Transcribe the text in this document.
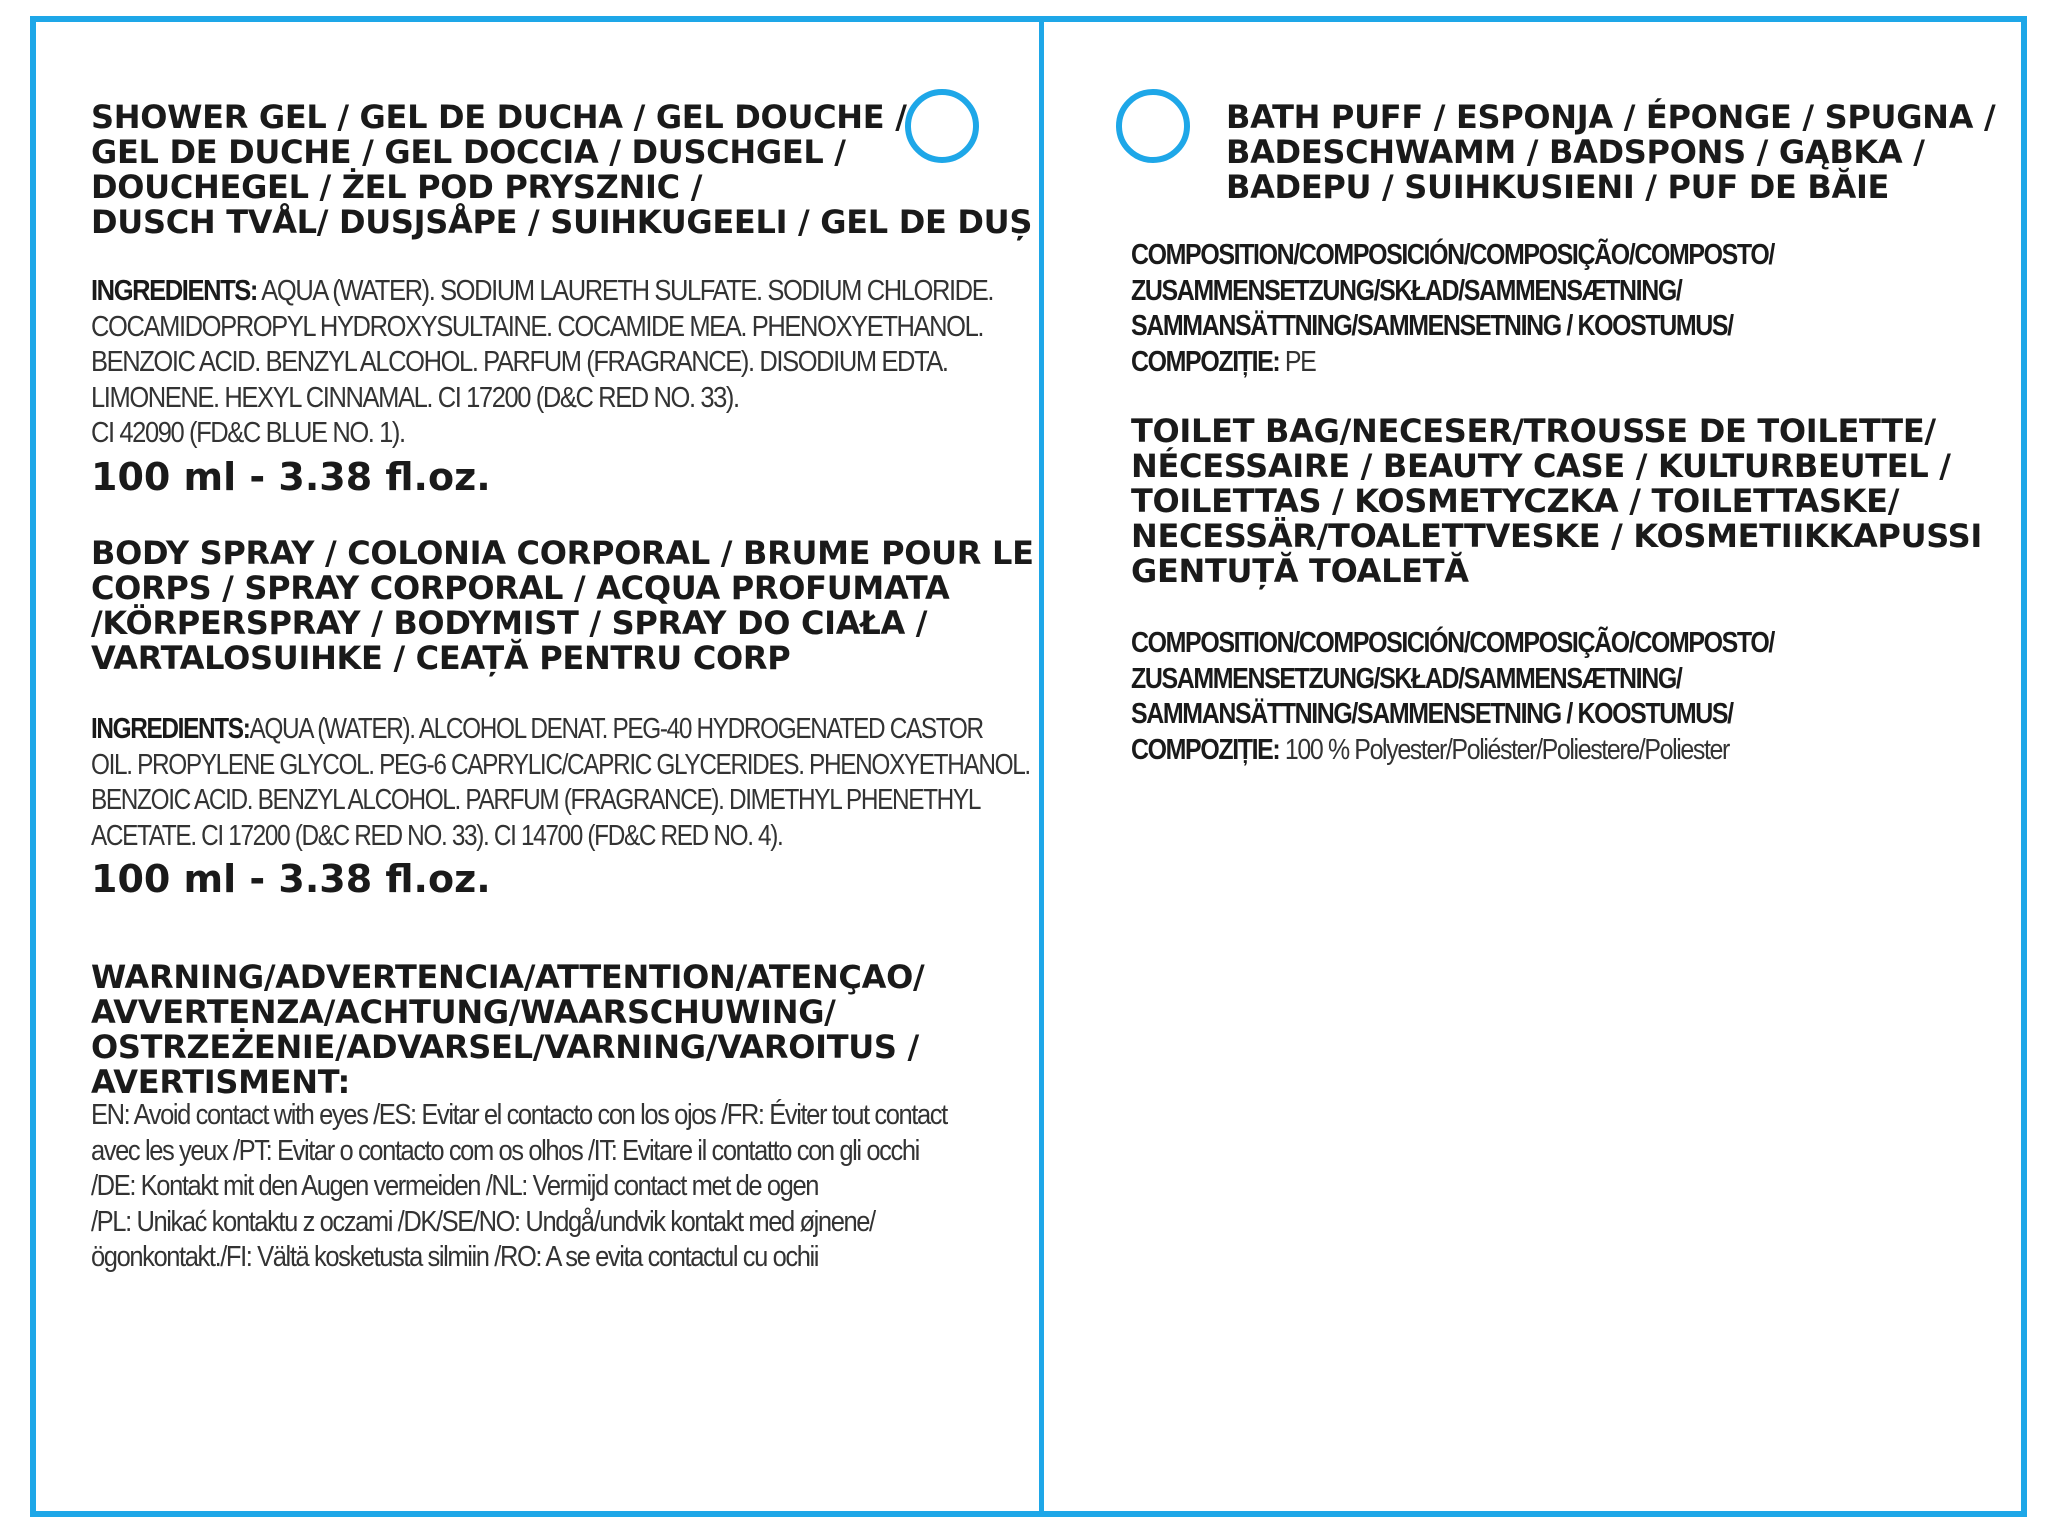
SHOWER GEL / GEL DE DUCHA / GEL DOUCHE /
GEL DE DUCHE / GEL DOCCIA / DUSCHGEL /
DOUCHEGEL / ŻEL POD PRYSZNIC /
DUSCH TVÅL/ DUSJSÅPE / SUIHKUGEELI / GEL DE DUȘ
INGREDIENTS: AQUA (WATER). SODIUM LAURETH SULFATE. SODIUM CHLORIDE.
COCAMIDOPROPYL HYDROXYSULTAINE. COCAMIDE MEA. PHENOXYETHANOL.
BENZOIC ACID. BENZYL ALCOHOL. PARFUM (FRAGRANCE). DISODIUM EDTA.
LIMONENE. HEXYL CINNAMAL. CI 17200 (D&C RED NO. 33).
CI 42090 (FD&C BLUE NO. 1).
100 ml - 3.38 fl.oz.
BODY SPRAY / COLONIA CORPORAL / BRUME POUR LE
CORPS / SPRAY CORPORAL / ACQUA PROFUMATA
/KÖRPERSPRAY / BODYMIST / SPRAY DO CIAŁA /
VARTALOSUIHKE / CEAȚĂ PENTRU CORP
INGREDIENTS:AQUA (WATER). ALCOHOL DENAT. PEG-40 HYDROGENATED CASTOR
OIL. PROPYLENE GLYCOL. PEG-6 CAPRYLIC/CAPRIC GLYCERIDES. PHENOXYETHANOL.
BENZOIC ACID. BENZYL ALCOHOL. PARFUM (FRAGRANCE). DIMETHYL PHENETHYL
ACETATE. CI 17200 (D&C RED NO. 33). CI 14700 (FD&C RED NO. 4).
100 ml - 3.38 fl.oz.
WARNING/ADVERTENCIA/ATTENTION/ATENÇAO/
AVVERTENZA/ACHTUNG/WAARSCHUWING/
OSTRZEŻENIE/ADVARSEL/VARNING/VAROITUS /
AVERTISMENT:
EN: Avoid contact with eyes /ES: Evitar el contacto con los ojos /FR: Éviter tout contact
avec les yeux /PT: Evitar o contacto com os olhos /IT: Evitare il contatto con gli occhi
/DE: Kontakt mit den Augen vermeiden /NL: Vermijd contact met de ogen
/PL: Unikać kontaktu z oczami /DK/SE/NO: Undgå/undvik kontakt med øjnene/
ögonkontakt./FI: Vältä kosketusta silmiin /RO: A se evita contactul cu ochii
BATH PUFF / ESPONJA / ÉPONGE / SPUGNA /
BADESCHWAMM / BADSPONS / GĄBKA /
BADEPU / SUIHKUSIENI / PUF DE BĂIE
COMPOSITION/COMPOSICIÓN/COMPOSIÇÃO/COMPOSTO/
ZUSAMMENSETZUNG/SKŁAD/SAMMENSÆTNING/
SAMMANSÄTTNING/SAMMENSETNING / KOOSTUMUS/
COMPOZIȚIE: PE
TOILET BAG/NECESER/TROUSSE DE TOILETTE/
NÉCESSAIRE / BEAUTY CASE / KULTURBEUTEL /
TOILETTAS / KOSMETYCZKA / TOILETTASKE/
NECESSÄR/TOALETTVESKE / KOSMETIIKKAPUSSI
GENTUȚĂ TOALETĂ
COMPOSITION/COMPOSICIÓN/COMPOSIÇÃO/COMPOSTO/
ZUSAMMENSETZUNG/SKŁAD/SAMMENSÆTNING/
SAMMANSÄTTNING/SAMMENSETNING / KOOSTUMUS/
COMPOZIȚIE: 100 % Polyester/Poliéster/Poliestere/Poliester
